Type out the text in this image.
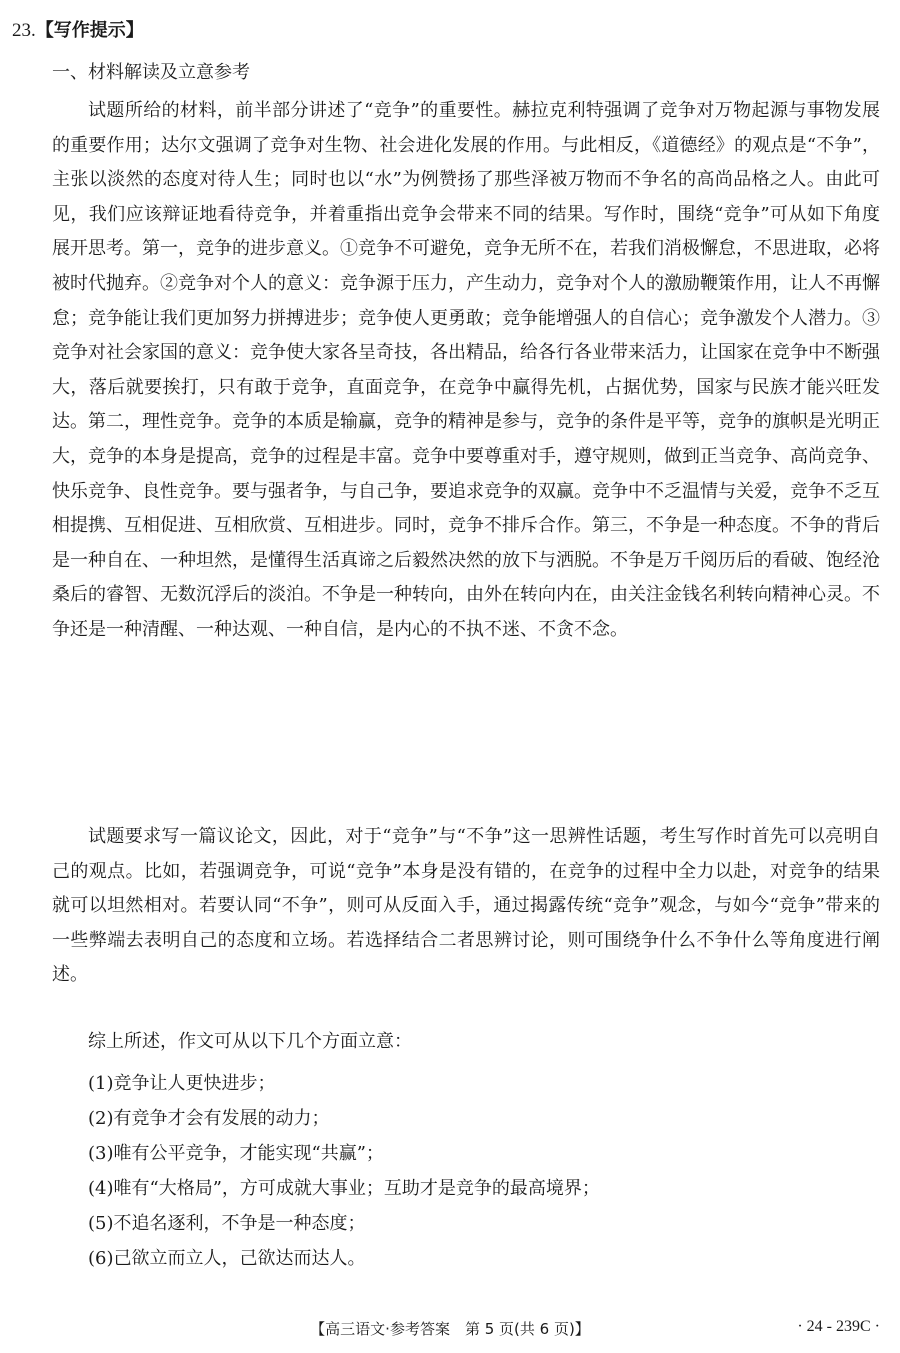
23.【写作提示】
一、材料解读及立意参考

试题所给的材料，前半部分讲述了“竞争”的重要性。赫拉克利特强调了竞争对万物起源与事物发展的重要作用；达尔文强调了竞争对生物、社会进化发展的作用。与此相反，《道德经》的观点是“不争”，主张以淡然的态度对待人生；同时也以“水”为例赞扬了那些泽被万物而不争名的高尚品格之人。由此可见，我们应该辩证地看待竞争，并着重指出竞争会带来不同的结果。写作时，围绕“竞争”可从如下角度展开思考。第一，竞争的进步意义。①竞争不可避免，竞争无所不在，若我们消极懈怠，不思进取，必将被时代抛弃。②竞争对个人的意义：竞争源于压力，产生动力，竞争对个人的激励鞭策作用，让人不再懈怠；竞争能让我们更加努力拼搏进步；竞争使人更勇敢；竞争能增强人的自信心；竞争激发个人潜力。③竞争对社会家国的意义：竞争使大家各呈奇技，各出精品，给各行各业带来活力，让国家在竞争中不断强大，落后就要挨打，只有敢于竞争，直面竞争，在竞争中赢得先机，占据优势，国家与民族才能兴旺发达。第二，理性竞争。竞争的本质是输赢，竞争的精神是参与，竞争的条件是平等，竞争的旗帜是光明正大，竞争的本身是提高，竞争的过程是丰富。竞争中要尊重对手，遵守规则，做到正当竞争、高尚竞争、快乐竞争、良性竞争。要与强者争，与自己争，要追求竞争的双赢。竞争中不乏温情与关爱，竞争不乏互相提携、互相促进、互相欣赏、互相进步。同时，竞争不排斥合作。第三，不争是一种态度。不争的背后是一种自在、一种坦然，是懂得生活真谛之后毅然决然的放下与洒脱。不争是万千阅历后的看破、饱经沧桑后的睿智、无数沉浮后的淡泊。不争是一种转向，由外在转向内在，由关注金钱名利转向精神心灵。不争还是一种清醒、一种达观、一种自信，是内心的不执不迷、不贪不念。

试题要求写一篇议论文，因此，对于“竞争”与“不争”这一思辨性话题，考生写作时首先可以亮明自己的观点。比如，若强调竞争，可说“竞争”本身是没有错的，在竞争的过程中全力以赴，对竞争的结果就可以坦然相对。若要认同“不争”，则可从反面入手，通过揭露传统“竞争”观念，与如今“竞争”带来的一些弊端去表明自己的态度和立场。若选择结合二者思辨讨论，则可围绕争什么不争什么等角度进行阐述。

综上所述，作文可从以下几个方面立意：

(1)竞争让人更快进步；
(2)有竞争才会有发展的动力；
(3)唯有公平竞争，才能实现“共赢”；
(4)唯有“大格局”，方可成就大事业；互助才是竞争的最高境界；
(5)不追名逐利，不争是一种态度；
(6)己欲立而立人，己欲达而达人。
【高三语文·参考答案　第 5 页(共 6 页)】	· 24 - 239C ·
